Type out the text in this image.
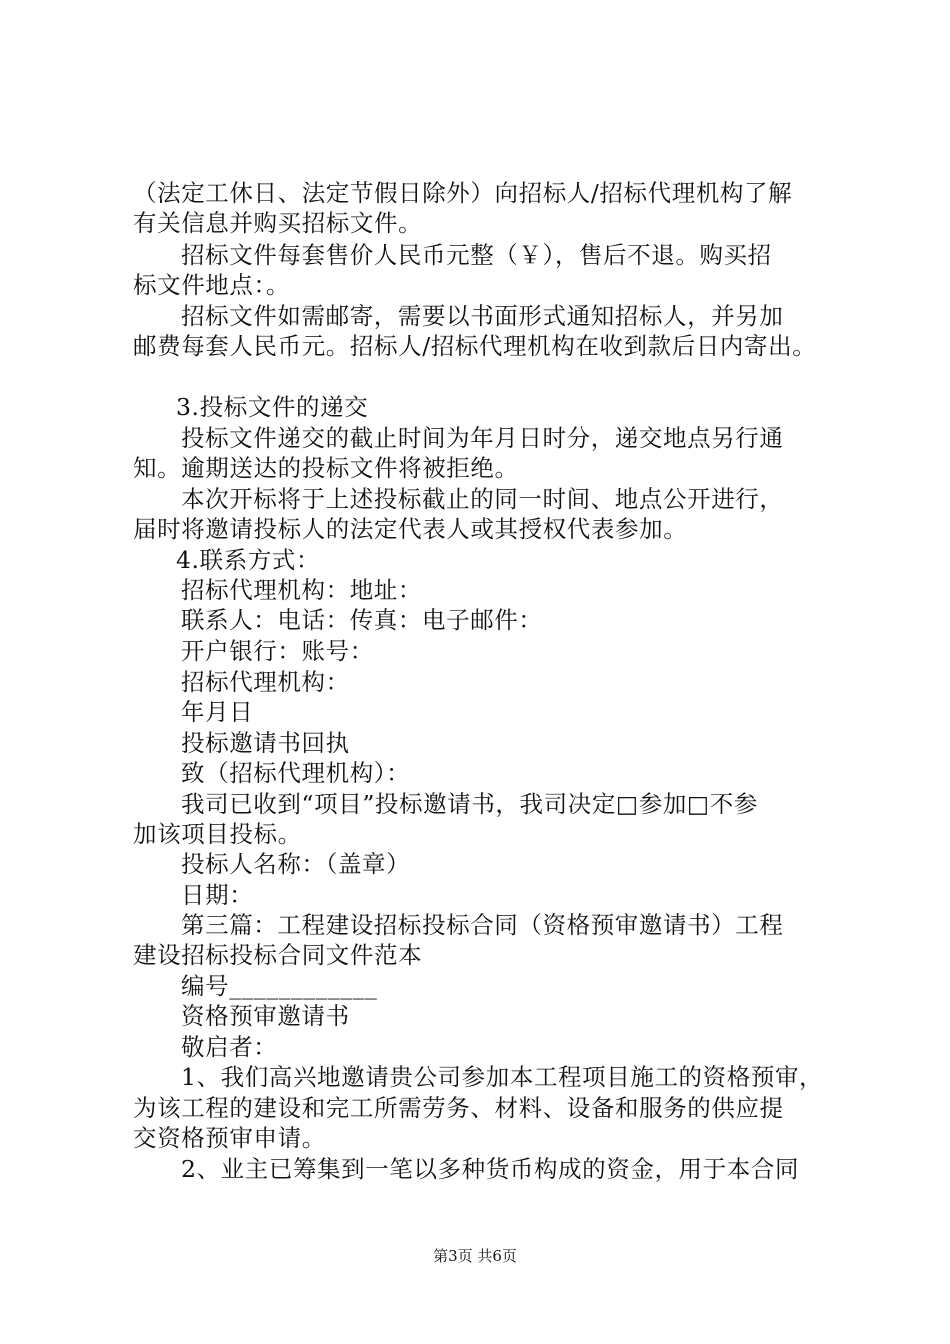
（法定工休日、法定节假日除外）向招标人/招标代理机构了解
有关信息并购买招标文件。
招标文件每套售价人民币元整（￥），售后不退。购买招
标文件地点：。
招标文件如需邮寄，需要以书面形式通知招标人，并另加
邮费每套人民币元。招标人/招标代理机构在收到款后日内寄出。
3.投标文件的递交
投标文件递交的截止时间为年月日时分，递交地点另行通
知。逾期送达的投标文件将被拒绝。
本次开标将于上述投标截止的同一时间、地点公开进行，
届时将邀请投标人的法定代表人或其授权代表参加。
4.联系方式：
招标代理机构：地址：
联系人：电话：传真：电子邮件：
开户银行：账号：
招标代理机构：
年月日
投标邀请书回执
致（招标代理机构）：
我司已收到“项目”投标邀请书，我司决定□参加□不参
加该项目投标。
投标人名称：（盖章）
日期：
第三篇：工程建设招标投标合同（资格预审邀请书）工程
建设招标投标合同文件范本
编号____________
资格预审邀请书
敬启者：
1、我们高兴地邀请贵公司参加本工程项目施工的资格预审，
为该工程的建设和完工所需劳务、材料、设备和服务的供应提
交资格预审申请。
2、业主已筹集到一笔以多种货币构成的资金，用于本合同
第3页 共6页
